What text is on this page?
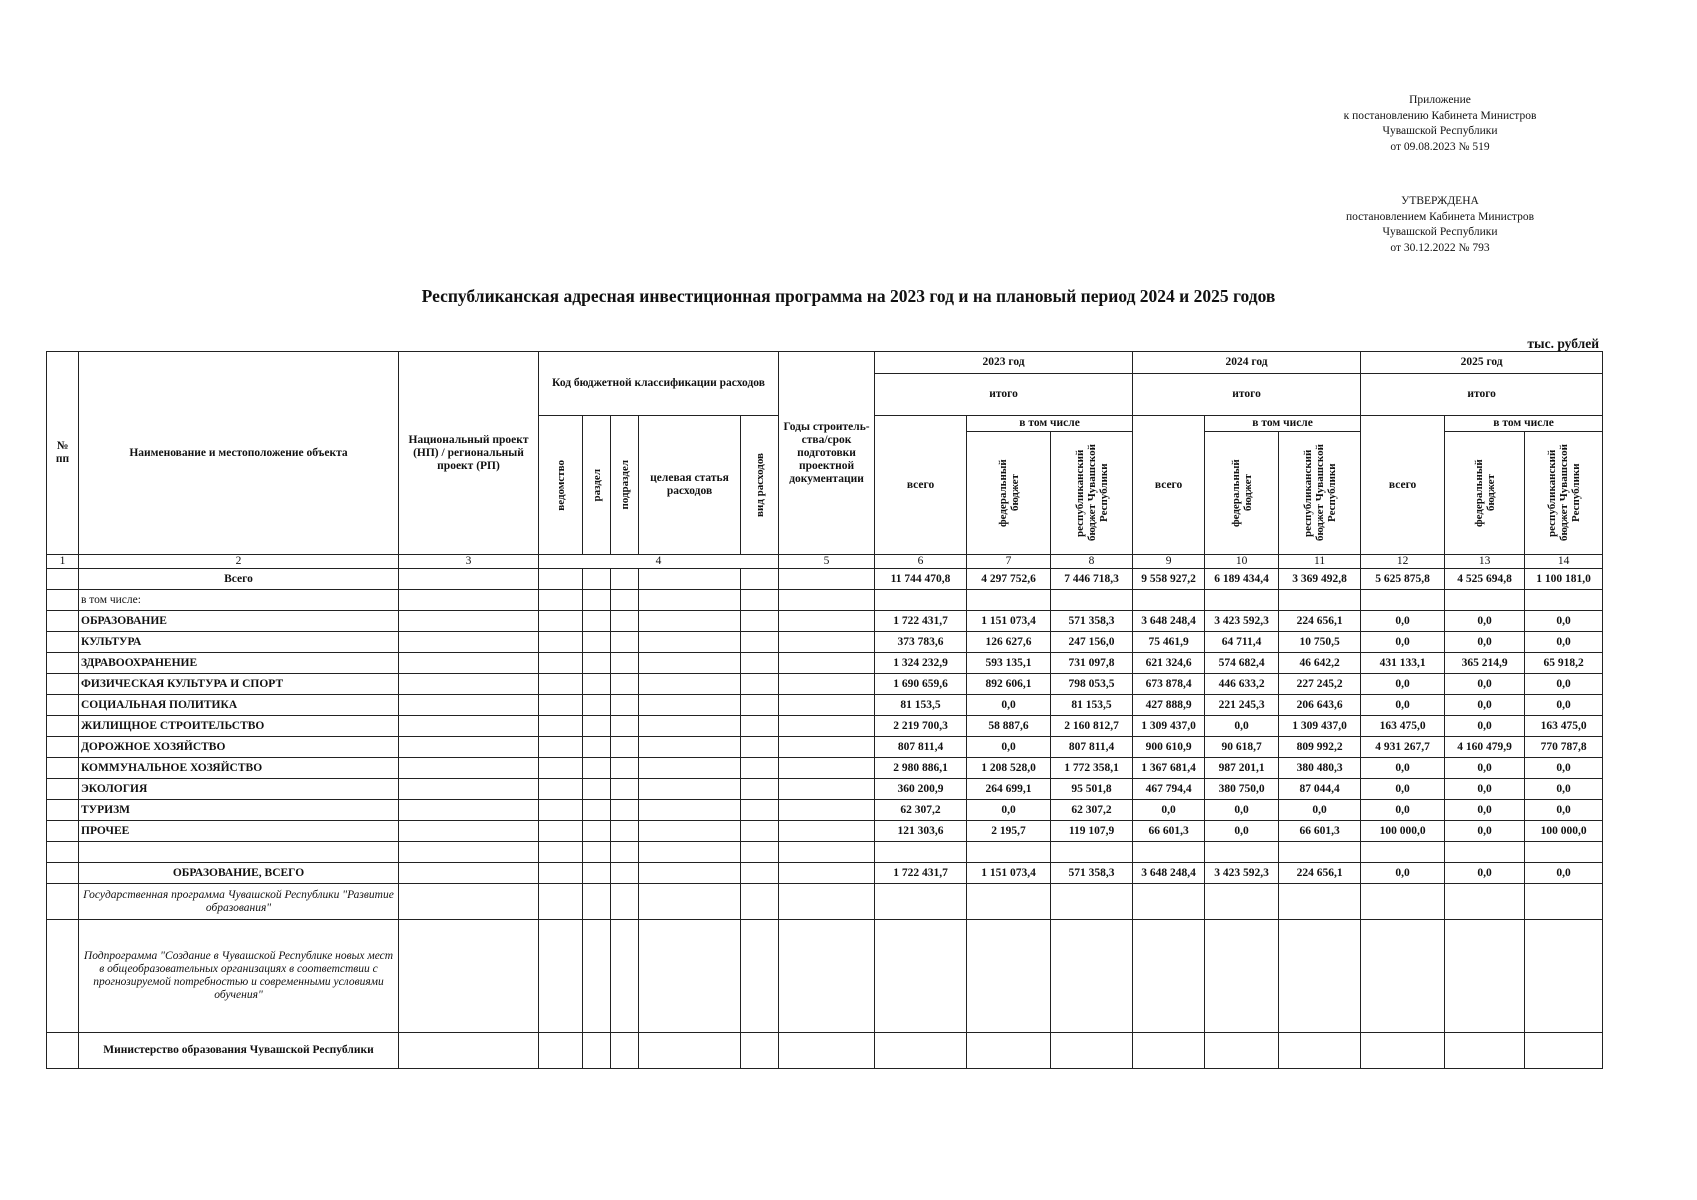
Приложение
к постановлению Кабинета Министров
Чувашской Республики
от 09.08.2023 № 519
УТВЕРЖДЕНА
постановлением Кабинета Министров
Чувашской Республики
от 30.12.2022 № 793
Республиканская адресная инвестиционная программа на 2023 год и на плановый период 2024 и 2025 годов
тыс. рублей
№ пп	Наименование и местоположение объекта	Национальный проект (НП) / региональный проект (РП)	Код бюджетной классификации расходов					Годы строитель-ства/срок подготовки проектной документации	2023 год			2024 год			2025 год		
									итого			итого			итого		

			ведомство	раздел	подраздел	целевая статья расходов	вид расходов		всего	в том числе		всего	в том числе		всего	в том числе	

										федеральный бюджет	республиканский бюджет Чувашской Республики		федеральный бюджет	республиканский бюджет Чувашской Республики		федеральный бюджет	республиканский бюджет Чувашской Республики

1	2	3	4					5	6	7	8	9	10	11	12	13	14
	Всего								11 744 470,8	4 297 752,6	7 446 718,3	9 558 927,2	6 189 434,4	3 369 492,8	5 625 875,8	4 525 694,8	1 100 181,0
	в том числе:																
	ОБРАЗОВАНИЕ								1 722 431,7	1 151 073,4	571 358,3	3 648 248,4	3 423 592,3	224 656,1	0,0	0,0	0,0
	КУЛЬТУРА								373 783,6	126 627,6	247 156,0	75 461,9	64 711,4	10 750,5	0,0	0,0	0,0
	ЗДРАВООХРАНЕНИЕ								1 324 232,9	593 135,1	731 097,8	621 324,6	574 682,4	46 642,2	431 133,1	365 214,9	65 918,2
	ФИЗИЧЕСКАЯ КУЛЬТУРА И СПОРТ								1 690 659,6	892 606,1	798 053,5	673 878,4	446 633,2	227 245,2	0,0	0,0	0,0
	СОЦИАЛЬНАЯ ПОЛИТИКА								81 153,5	0,0	81 153,5	427 888,9	221 245,3	206 643,6	0,0	0,0	0,0
	ЖИЛИЩНОЕ СТРОИТЕЛЬСТВО								2 219 700,3	58 887,6	2 160 812,7	1 309 437,0	0,0	1 309 437,0	163 475,0	0,0	163 475,0
	ДОРОЖНОЕ ХОЗЯЙСТВО								807 811,4	0,0	807 811,4	900 610,9	90 618,7	809 992,2	4 931 267,7	4 160 479,9	770 787,8
	КОММУНАЛЬНОЕ ХОЗЯЙСТВО								2 980 886,1	1 208 528,0	1 772 358,1	1 367 681,4	987 201,1	380 480,3	0,0	0,0	0,0
	ЭКОЛОГИЯ								360 200,9	264 699,1	95 501,8	467 794,4	380 750,0	87 044,4	0,0	0,0	0,0
	ТУРИЗМ								62 307,2	0,0	62 307,2	0,0	0,0	0,0	0,0	0,0	0,0
	ПРОЧЕЕ								121 303,6	2 195,7	119 107,9	66 601,3	0,0	66 601,3	100 000,0	0,0	100 000,0

	ОБРАЗОВАНИЕ, ВСЕГО								1 722 431,7	1 151 073,4	571 358,3	3 648 248,4	3 423 592,3	224 656,1	0,0	0,0	0,0
	Государственная программа Чувашской Республики "Развитие образования"																
	Подпрограмма "Создание в Чувашской Республике новых мест в общеобразовательных организациях в соответствии с прогнозируемой потребностью и современными условиями обучения"																
	Министерство образования Чувашской Республики																
